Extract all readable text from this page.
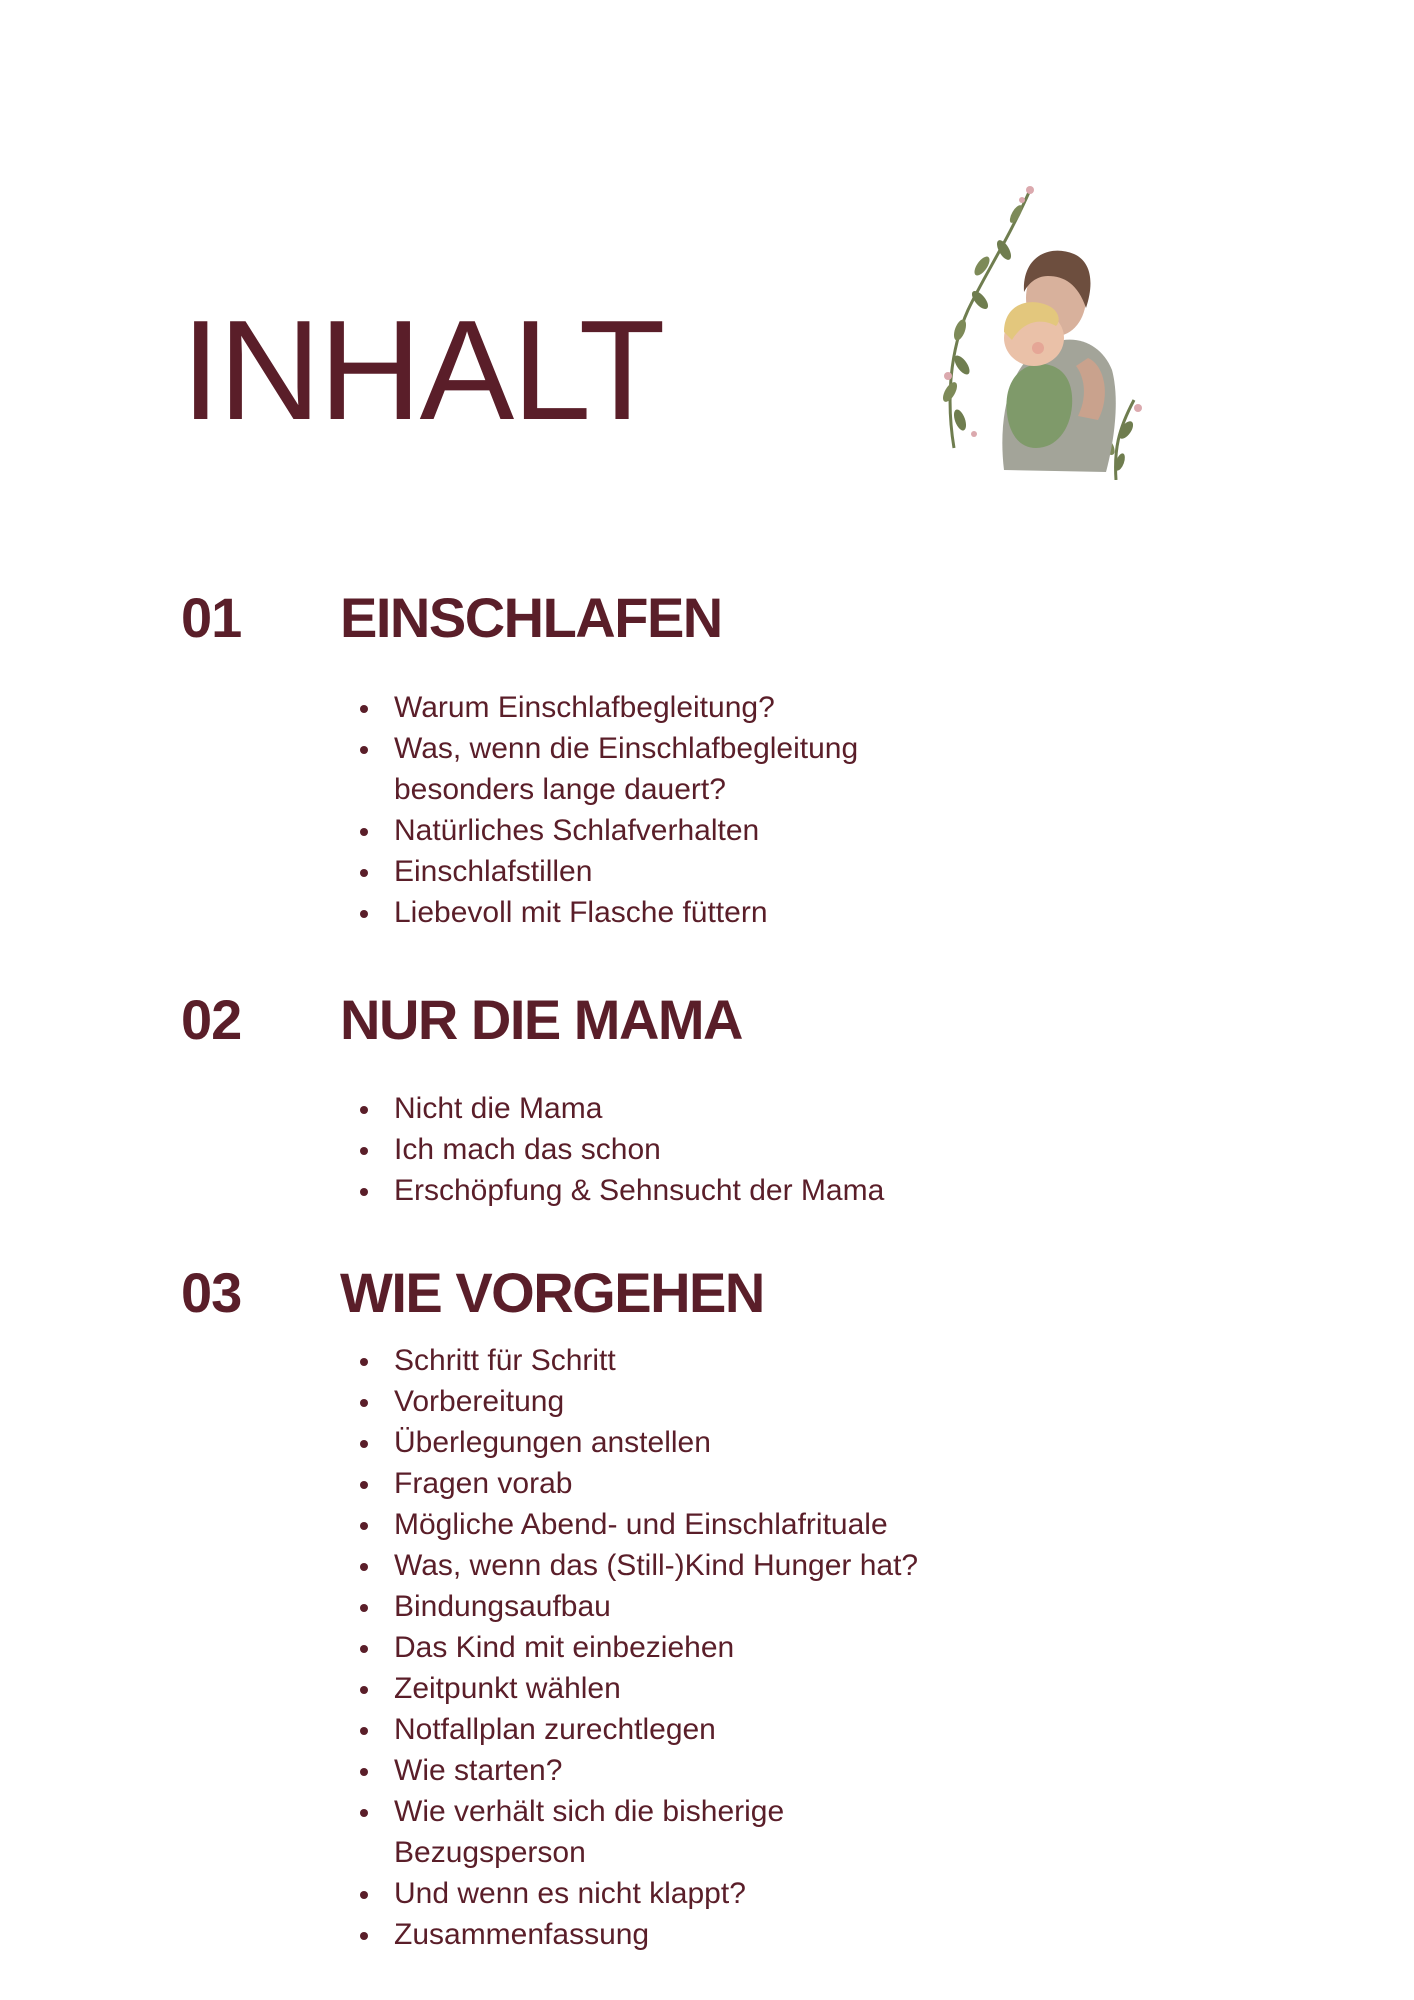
INHALT
01 EINSCHLAFEN
Warum Einschlafbegleitung?
Was, wenn die Einschlafbegleitung besonders lange dauert?
Natürliches Schlafverhalten
Einschlafstillen
Liebevoll mit Flasche füttern
02 NUR DIE MAMA
Nicht die Mama
Ich mach das schon
Erschöpfung & Sehnsucht der Mama
03 WIE VORGEHEN
Schritt für Schritt
Vorbereitung
Überlegungen anstellen
Fragen vorab
Mögliche Abend- und Einschlafrituale
Was, wenn das (Still-)Kind Hunger hat?
Bindungsaufbau
Das Kind mit einbeziehen
Zeitpunkt wählen
Notfallplan zurechtlegen
Wie starten?
Wie verhält sich die bisherige Bezugsperson
Und wenn es nicht klappt?
Zusammenfassung
